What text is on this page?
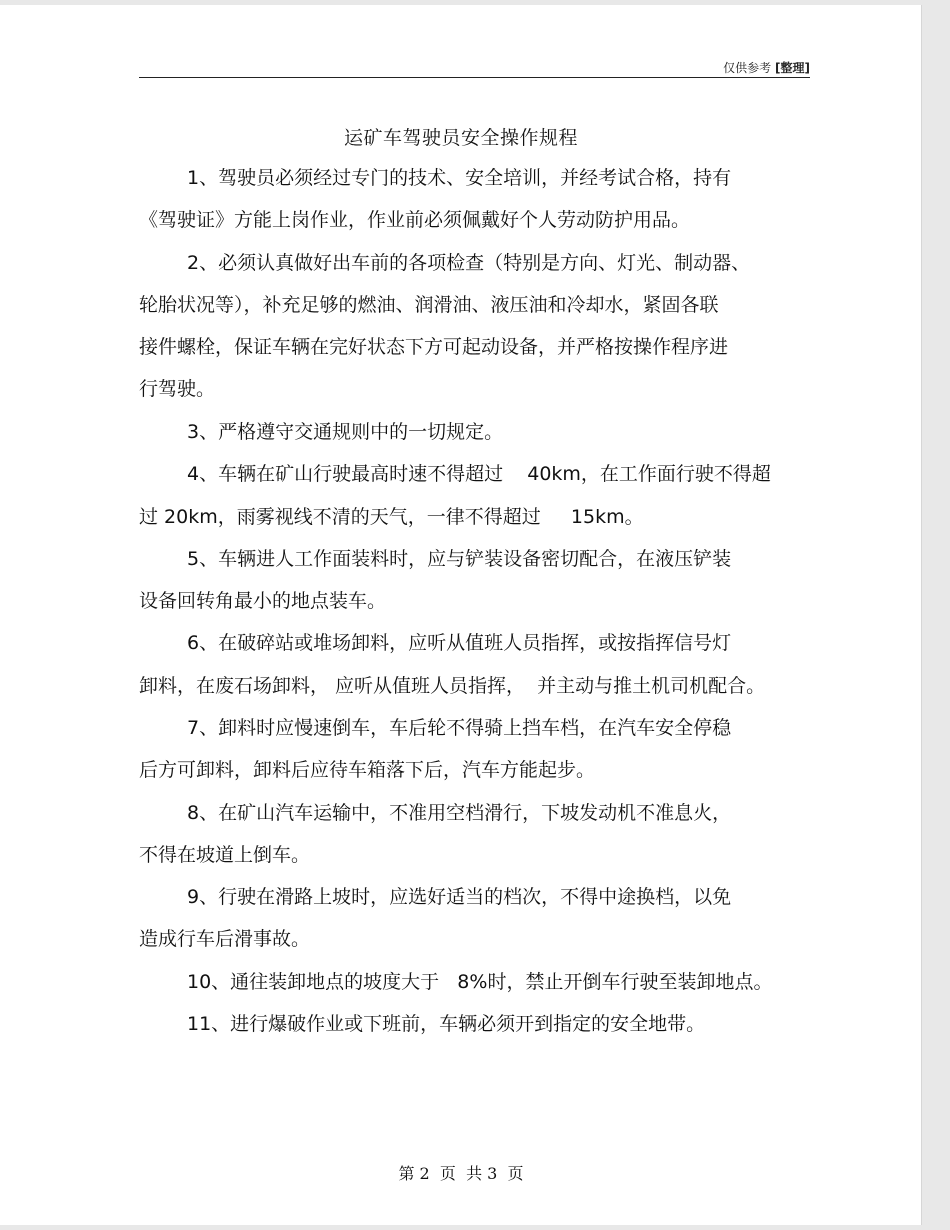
仅供参考 [整理]
运矿车驾驶员安全操作规程
1、驾驶员必须经过专门的技术、安全培训，并经考试合格，持有
《驾驶证》方能上岗作业，作业前必须佩戴好个人劳动防护用品。
2、必须认真做好出车前的各项检查（特别是方向、灯光、制动器、
轮胎状况等），补充足够的燃油、润滑油、液压油和冷却水，紧固各联
接件螺栓，保证车辆在完好状态下方可起动设备，并严格按操作程序进
行驾驶。
3、严格遵守交通规则中的一切规定。
4、车辆在矿山行驶最高时速不得超过    40km，在工作面行驶不得超
过 20km，雨雾视线不清的天气，一律不得超过     15km。
5、车辆进人工作面装料时，应与铲装设备密切配合，在液压铲装
设备回转角最小的地点装车。
6、在破碎站或堆场卸料，应听从值班人员指挥，或按指挥信号灯
卸料，在废石场卸料， 应听从值班人员指挥，  并主动与推土机司机配合。
7、卸料时应慢速倒车，车后轮不得骑上挡车档，在汽车安全停稳
后方可卸料，卸料后应待车箱落下后，汽车方能起步。
8、在矿山汽车运输中，不准用空档滑行，下坡发动机不准息火，
不得在坡道上倒车。
9、行驶在滑路上坡时，应选好适当的档次，不得中途换档，以免
造成行车后滑事故。
10、通往装卸地点的坡度大于   8%时，禁止开倒车行驶至装卸地点。
11、进行爆破作业或下班前，车辆必须开到指定的安全地带。
第 2  页  共 3  页
